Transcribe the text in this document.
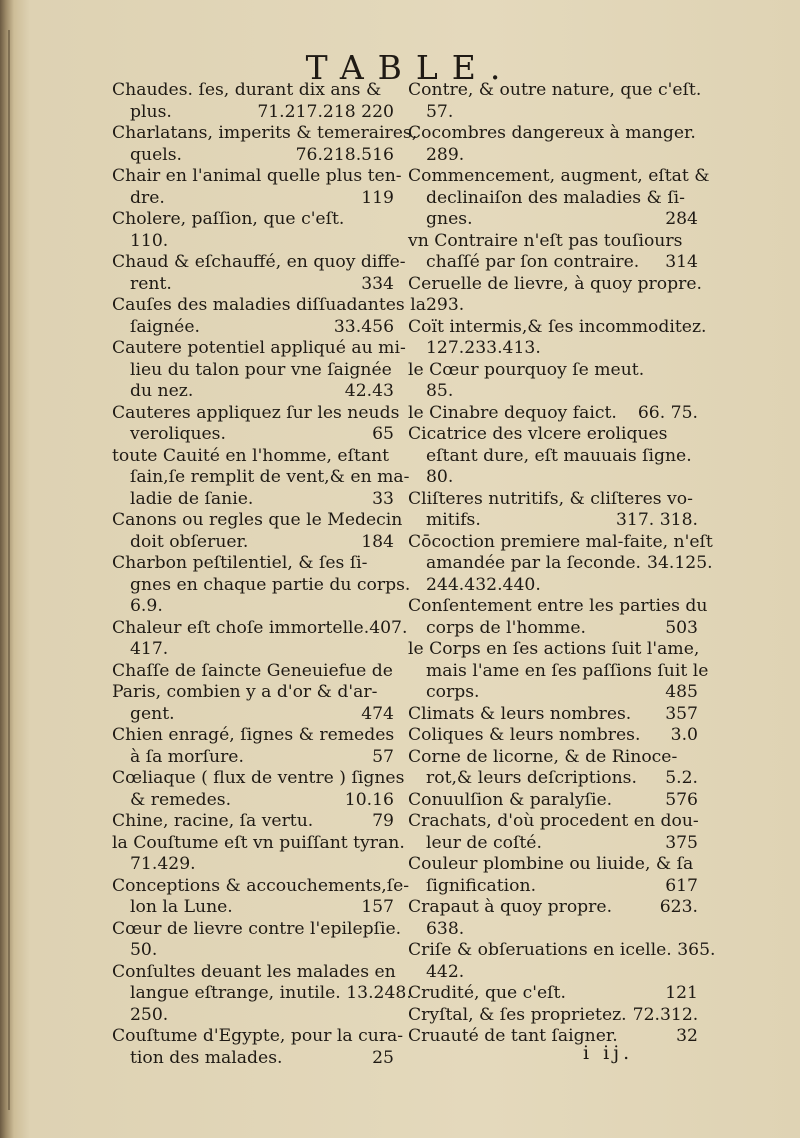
TABLE.
Chaudes. ſes, durant dix ans &
plus.	71.217.218 220
Charlatans, imperits & temeraires,
quels.	76.218.516
Chair en l'animal quelle plus ten-
dre.	119
Cholere, paſſion, que c'eſt.
110.
Chaud & eſchauffé, en quoy diffe-
rent.	334
Cauſes des maladies diſſuadantes la
ſaignée.	33.456
Cautere potentiel appliqué au mi-
lieu du talon pour vne ſaignée
du nez.	42.43
Cauteres appliquez ſur les neuds
veroliques.	65
toute Cauité en l'homme, eſtant
ſain,ſe remplit de vent,& en ma-
ladie de ſanie.	33
Canons ou regles que le Medecin
doit obſeruer.	184
Charbon peſtilentiel, & ſes ſi-
gnes en chaque partie du corps.
6.9.
Chaleur eſt choſe immortelle.407.
417.
Chaſſe de ſaincte Geneuiefue de
Paris, combien y a d'or & d'ar-
gent.	474
Chien enragé, ſignes & remedes
à ſa morſure.	57
Cœliaque ( flux de ventre ) ſignes
& remedes.	10.16
Chine, racine, ſa vertu.	79
la Couſtume eſt vn puiſſant tyran.
71.429.
Conceptions & accouchements,ſe-
lon la Lune.	157
Cœur de lievre contre l'epilepſie.
50.
Conſultes deuant les malades en
langue eſtrange, inutile. 13.248.
250.
Couſtume d'Egypte, pour la cura-
tion des malades.	25
Contre, & outre nature, que c'eſt.
57.
Cocombres dangereux à manger.
289.
Commencement, augment, eſtat &
declinaiſon des maladies & ſi-
gnes.	284
vn Contraire n'eſt pas touſiours
chaſſé par ſon contraire.	314
Ceruelle de lievre, à quoy propre.
293.
Coït intermis,& ſes incommoditez.
127.233.413.
le Cœur pourquoy ſe meut.
85.
le Cinabre dequoy faict.	66. 75.
Cicatrice des vlcere eroliques
eſtant dure, eſt mauuais ſigne.
80.
Cliſteres nutritifs, & cliſteres vo-
mitifs.	317. 318.
Cōcoction premiere mal-faite, n'eſt
amandée par la ſeconde. 34.125.
244.432.440.
Conſentement entre les parties du
corps de l'homme.	503
le Corps en ſes actions ſuit l'ame,
mais l'ame en ſes paſſions ſuit le
corps.	485
Climats & leurs nombres.	357
Coliques & leurs nombres.	3.0
Corne de licorne, & de Rinoce-
rot,& leurs deſcriptions.	5.2.
Conuulſion & paralyſie.	576
Crachats, d'où procedent en dou-
leur de coſté.	375
Couleur plombine ou liuide, & ſa
ſignification.	617
Crapaut à quoy propre.	623.
638.
Criſe & obſeruations en icelle. 365.
442.
Crudité, que c'eſt.	121
Cryſtal, & ſes proprietez. 72.312.
Cruauté de tant ſaigner.	32
i ij.
